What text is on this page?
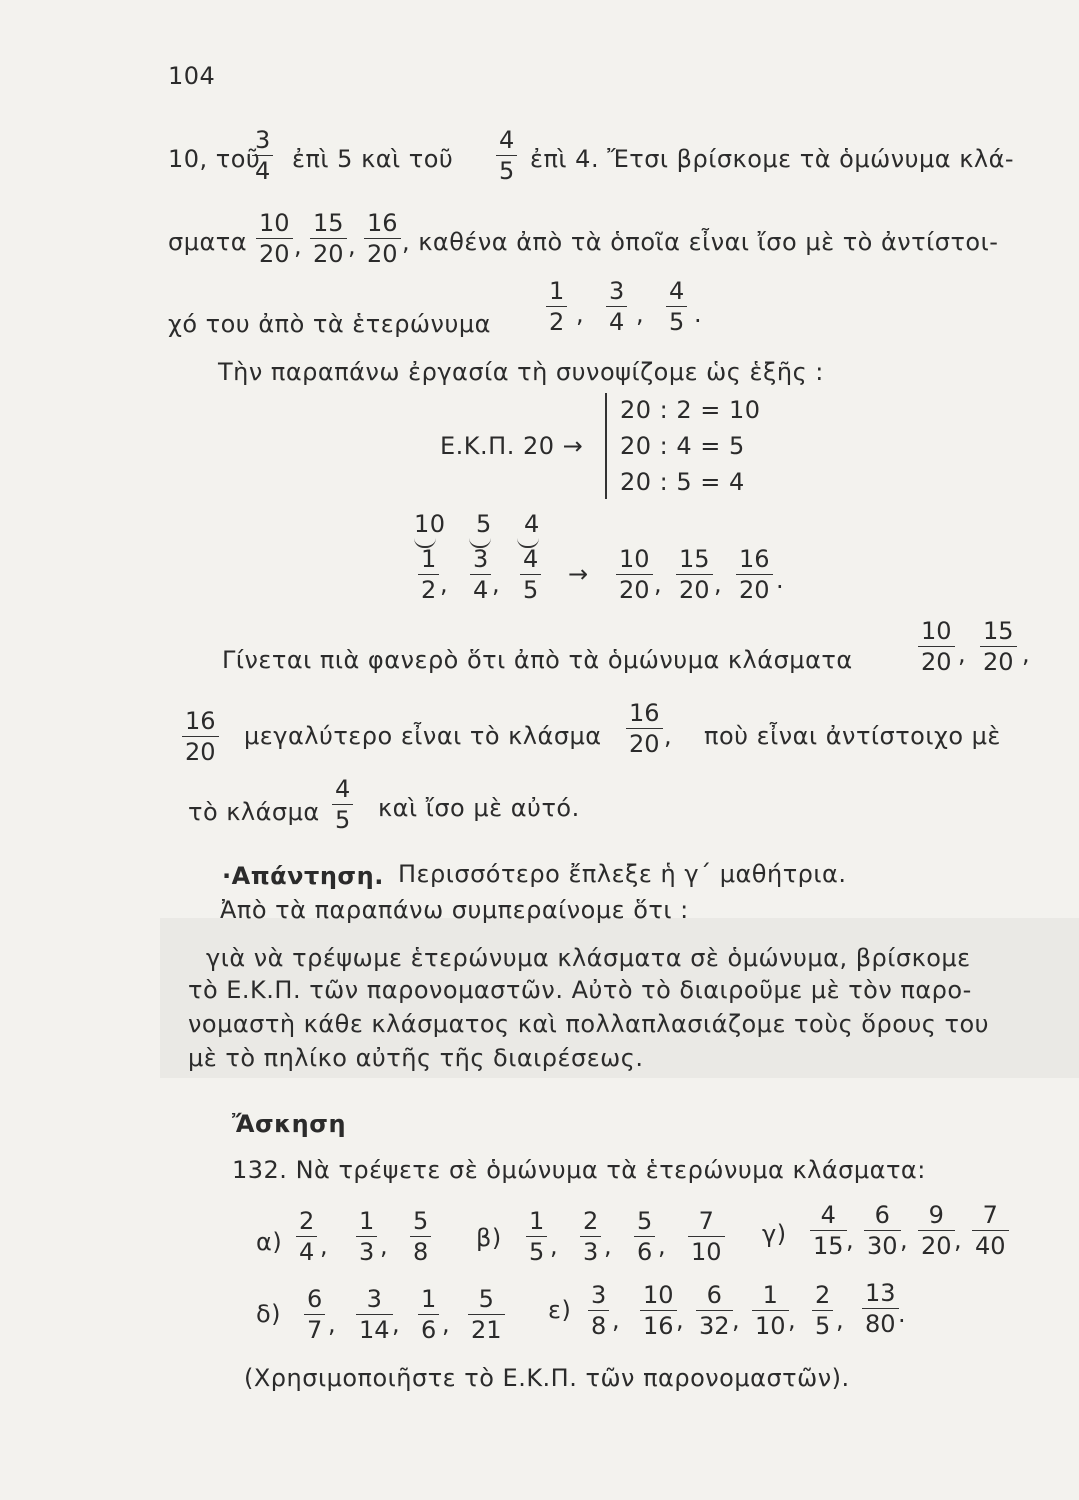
104
10, τοῦ
$\frac{3}{4}$ ἐπὶ 5 καὶ τοῦ $\frac{4}{5}$ ἐπὶ 4. Ἔτσι βρίσκομε τὰ ὁμώνυμα κλά-
σματα $\frac{10}{20}$ , $\frac{15}{20}$ , $\frac{16}{20}$ , καθένα ἀπὸ τὰ ὁποῖα εἶναι ἴσο μὲ τὸ ἀντίστοι-
χό του ἀπὸ τὰ ἑτερώνυμα $\frac{1}{2}$ , $\frac{3}{4}$ , $\frac{4}{5}$ .
Τὴν παραπάνω ἐργασία τὴ συνοψίζομε ὡς ἑξῆς :
Ε.Κ.Π. 20 →
20 : 2 = 10
20 : 4 = 5
20 : 5 = 4
10 5 4
$\frac{1}{2}$ , $\frac{3}{4}$ , $\frac{4}{5} \to \frac{10}{20}$ , $\frac{15}{20}$ , $\frac{16}{20}$ .
Γίνεται πιὰ φανερὸ ὅτι ἀπὸ τὰ ὁμώνυμα κλάσματα	$\frac{10}{20}$ , $\frac{15}{20}$ ,
$\frac{16}{20}$ μεγαλύτερο εἶναι τὸ κλάσμα $\frac{16}{20}$ , ποὺ εἶναι ἀντίστοιχο μὲ
τὸ κλάσμα $\frac{4}{5}$ καὶ ἴσο μὲ αὐτό.
·Απάντηση. Περισσότερο ἔπλεξε ἡ γ΄ μαθήτρια.
Ἀπὸ τὰ παραπάνω συμπεραίνομε ὅτι :
γιὰ νὰ τρέψωμε ἑτερώνυμα κλάσματα σὲ ὁμώνυμα, βρίσκομε
τὸ Ε.Κ.Π. τῶν παρονομαστῶν. Αὐτὸ τὸ διαιροῦμε μὲ τὸν παρο-
νομαστὴ κάθε κλάσματος καὶ πολλαπλασιάζομε τοὺς ὅρους του
μὲ τὸ πηλίκο αὐτῆς τῆς διαιρέσεως.
Ἄσκηση
132. Νὰ τρέψετε σὲ ὁμώνυμα τὰ ἑτερώνυμα κλάσματα:
$\alpha) \frac{2}{4}$ , $\frac{1}{3}$ , $\frac{5}{8} \beta) \frac{1}{5}$ , $\frac{2}{3}$ , $\frac{5}{6}$ , $\frac{7}{10} \gamma) \frac{4}{15}$ , $\frac{6}{30}$ , $\frac{9}{20}$ , $\frac{7}{40}$
$\delta) \frac{6}{7}$ , $\frac{3}{14}$ , $\frac{1}{6}$ , $\frac{5}{21} \varepsilon) \frac{3}{8}$ , $\frac{10}{16}$ , $\frac{6}{32}$ , $\frac{1}{10}$ , $\frac{2}{5}$ , $\frac{13}{80}$ .
(Χρησιμοποιῆστε τὸ Ε.Κ.Π. τῶν παρονομαστῶν).
